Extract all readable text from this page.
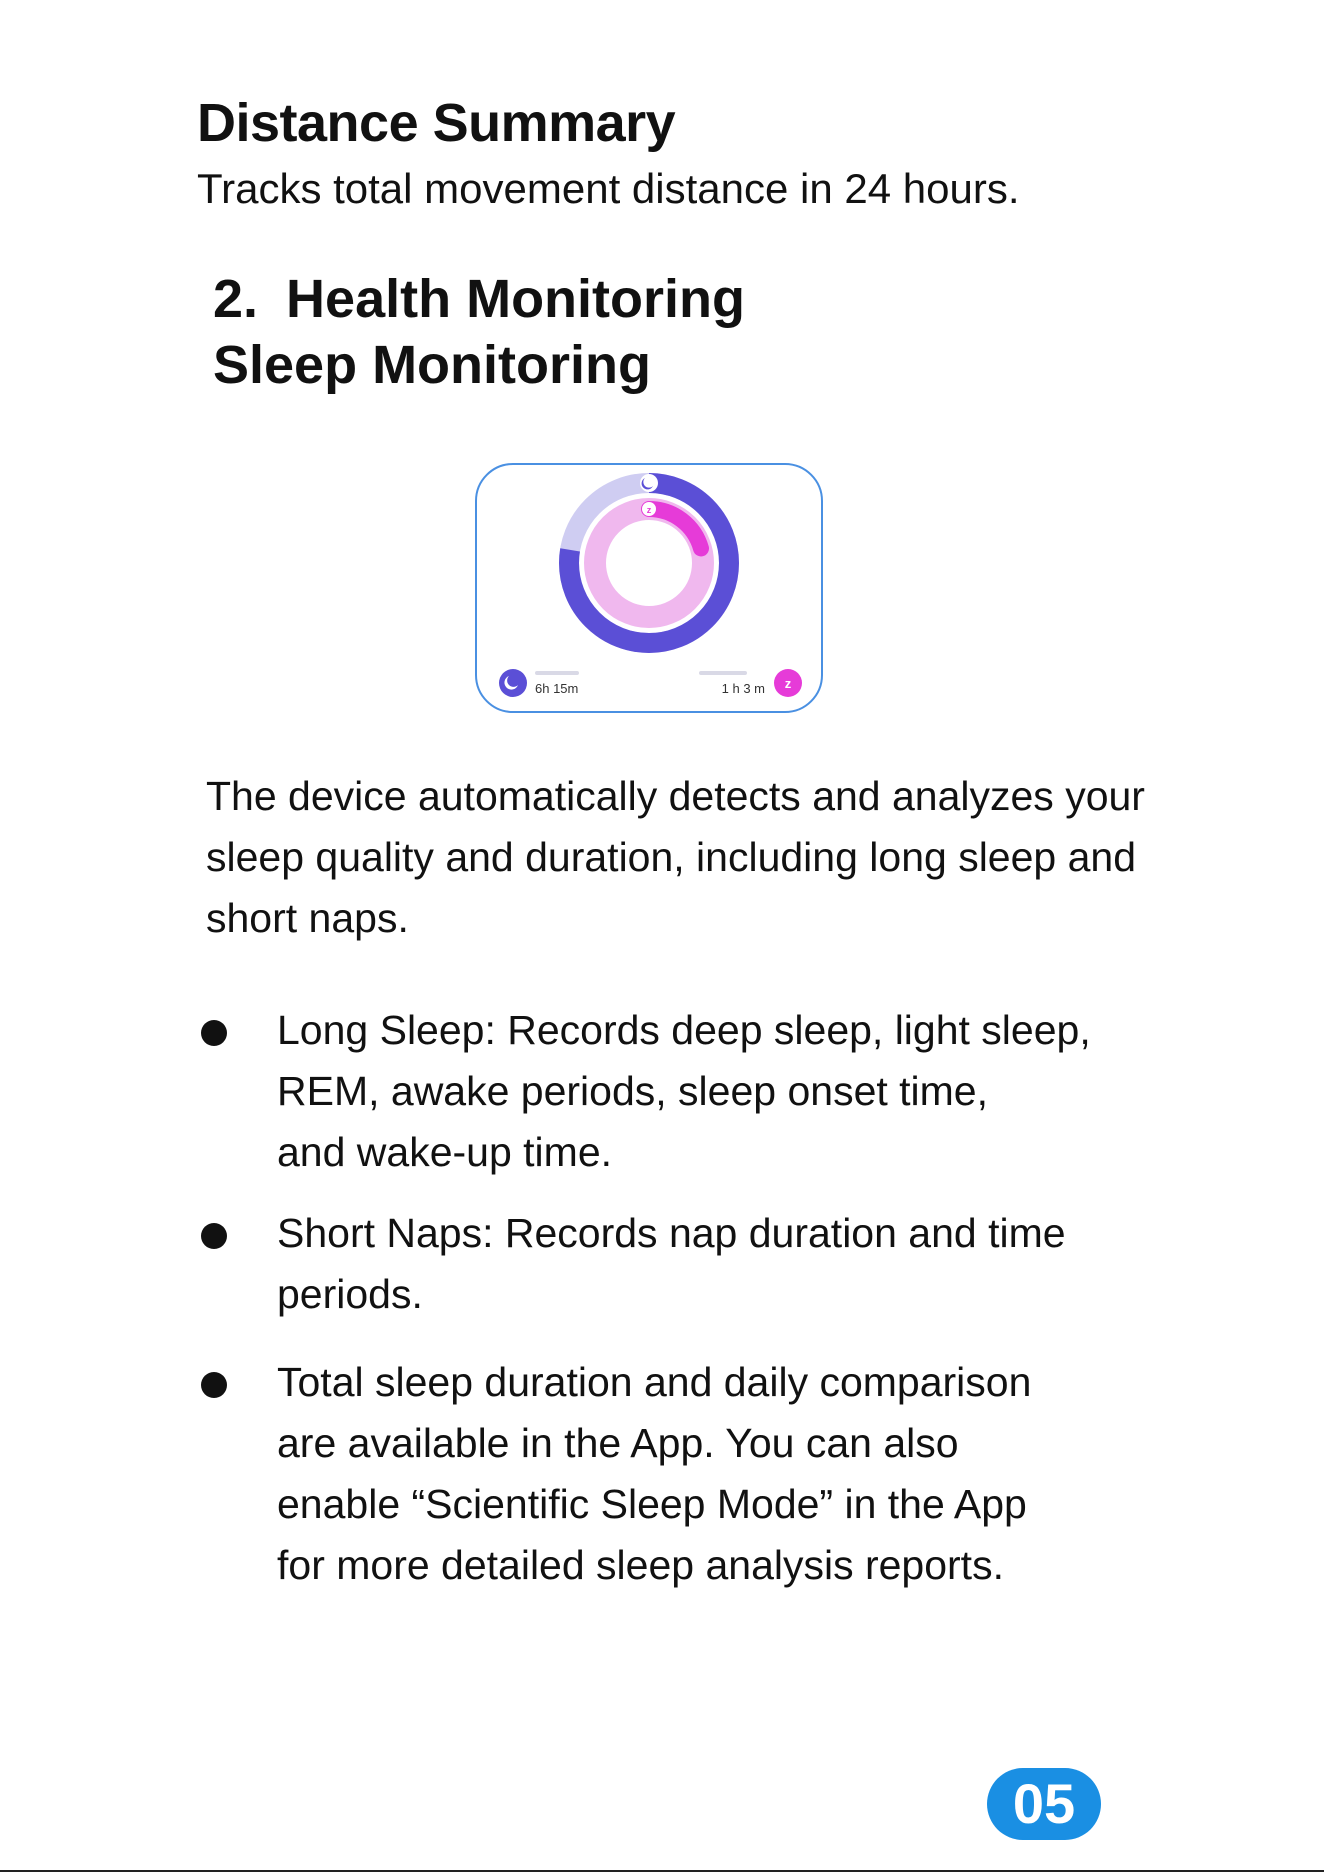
Distance Summary

Tracks total movement distance in 24 hours.

2. Health Monitoring
Sleep Monitoring
z
6h 15m	z
1 h 3 m

The device automatically detects and analyzes your sleep quality and duration, including long sleep and short naps.

Long Sleep: Records deep sleep, light sleep,
REM, awake periods, sleep onset time,
and wake-up time.
Short Naps: Records nap duration and time
periods.
Total sleep duration and daily comparison
are available in the App. You can also
enable “Scientific Sleep Mode” in the App
for more detailed sleep analysis reports.
05
